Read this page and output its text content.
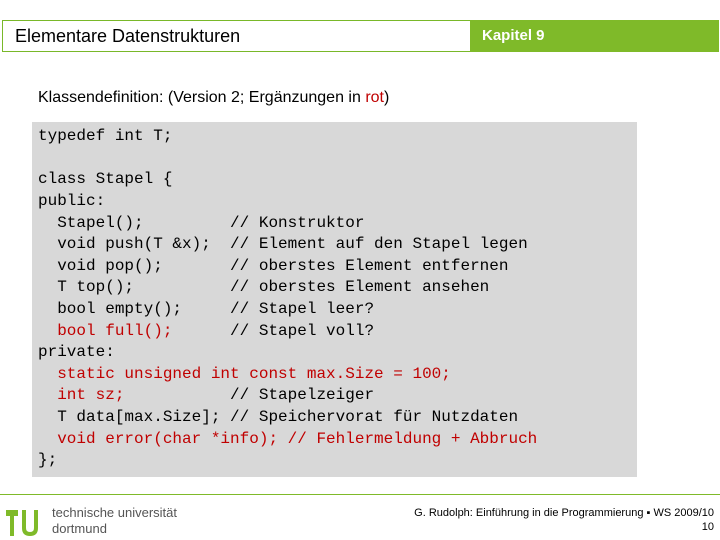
Elementare Datenstrukturen	Kapitel 9
Klassendefinition: (Version 2; Ergänzungen in rot)
typedef int T;
class Stapel {
public:
Stapel();         // Konstruktor
void push(T &x);  // Element auf den Stapel legen
void pop();       // oberstes Element entfernen
T top();          // oberstes Element ansehen
bool empty();     // Stapel leer?
bool full();      // Stapel voll?
private:
static unsigned int const max.Size = 100;
int sz;           // Stapelzeiger
T data[max.Size]; // Speichervorat für Nutzdaten
void error(char *info); // Fehlermeldung + Abbruch
};
technische universität
dortmund
G. Rudolph: Einführung in die Programmierung ▪ WS 2009/10
10
